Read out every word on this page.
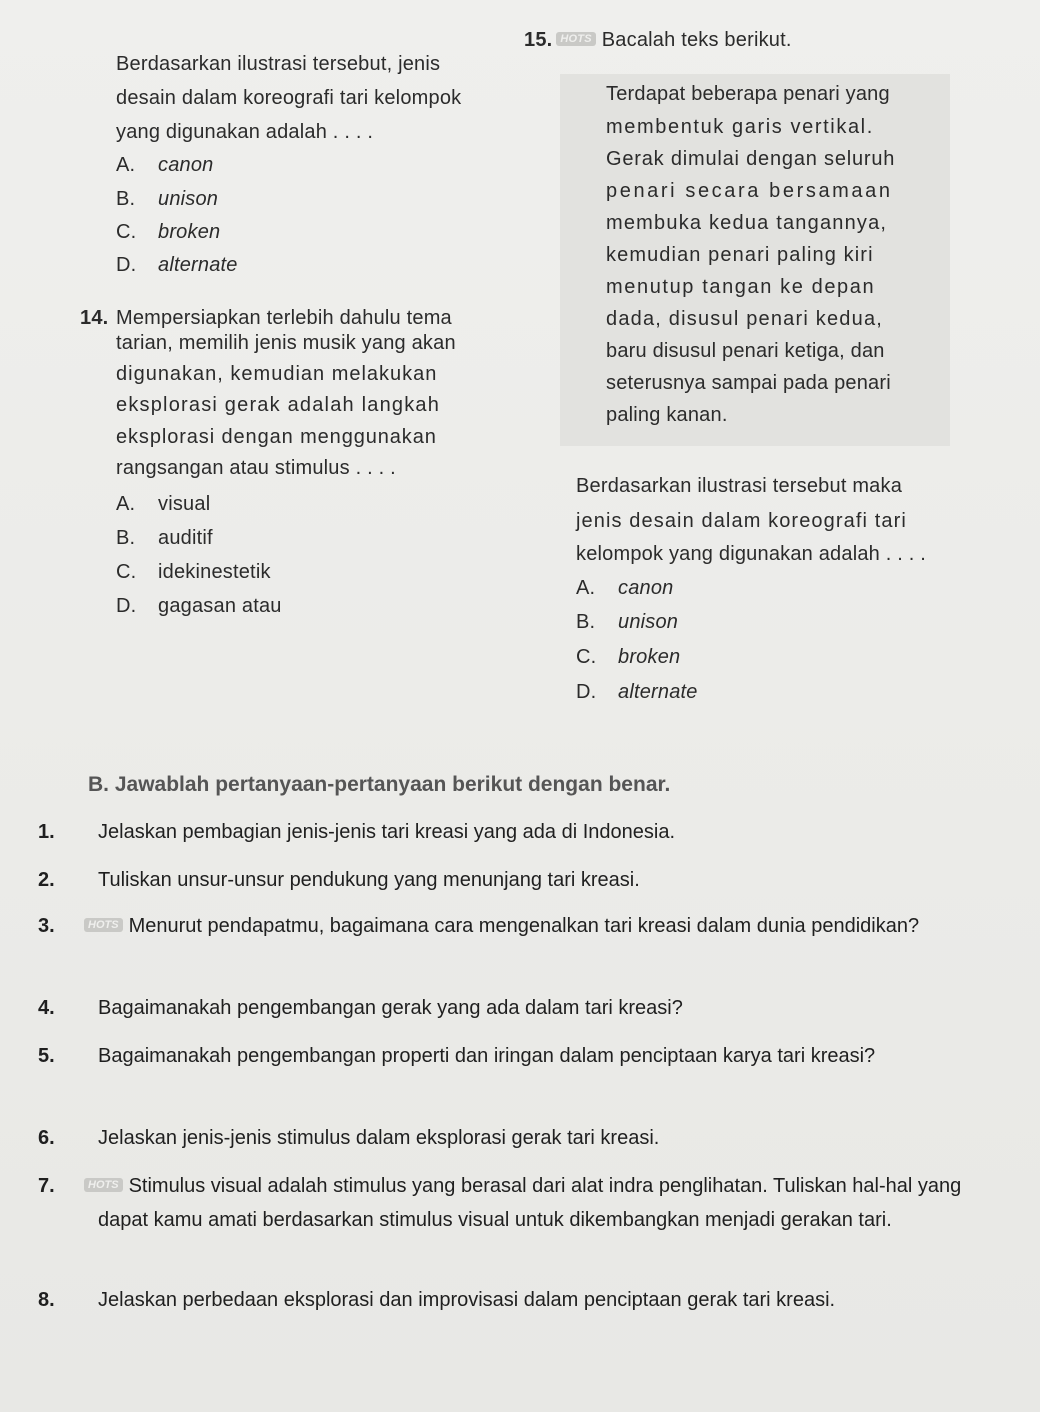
Berdasarkan ilustrasi tersebut, jenis
desain dalam koreografi tari kelompok
yang digunakan adalah . . . .
A. canon
B. unison
C. broken
D. alternate
14. Mempersiapkan terlebih dahulu tema
tarian, memilih jenis musik yang akan
digunakan, kemudian melakukan
eksplorasi gerak adalah langkah
eksplorasi dengan menggunakan
rangsangan atau stimulus . . . .
A. visual
B. auditif
C. idekinestetik
D. gagasan atau
15. HOTS Bacalah teks berikut.
Terdapat beberapa penari yang
membentuk garis vertikal.
Gerak dimulai dengan seluruh
penari secara bersamaan
membuka kedua tangannya,
kemudian penari paling kiri
menutup tangan ke depan
dada, disusul penari kedua,
baru disusul penari ketiga, dan
seterusnya sampai pada penari
paling kanan.
Berdasarkan ilustrasi tersebut maka
jenis desain dalam koreografi tari
kelompok yang digunakan adalah . . . .
A. canon
B. unison
C. broken
D. alternate
B. Jawablah pertanyaan-pertanyaan berikut dengan benar.
1. Jelaskan pembagian jenis-jenis tari kreasi yang ada di Indonesia.
2. Tuliskan unsur-unsur pendukung yang menunjang tari kreasi.
3.	HOTS Menurut pendapatmu, bagaimana cara mengenalkan tari kreasi dalam dunia pendidikan?
4. Bagaimanakah pengembangan gerak yang ada dalam tari kreasi?
5. Bagaimanakah pengembangan properti dan iringan dalam penciptaan karya tari kreasi?
6. Jelaskan jenis-jenis stimulus dalam eksplorasi gerak tari kreasi.
7.	HOTS Stimulus visual adalah stimulus yang berasal dari alat indra penglihatan. Tuliskan hal-hal yang dapat kamu amati berdasarkan stimulus visual untuk dikembangkan menjadi gerakan tari.
8. Jelaskan perbedaan eksplorasi dan improvisasi dalam penciptaan gerak tari kreasi.
